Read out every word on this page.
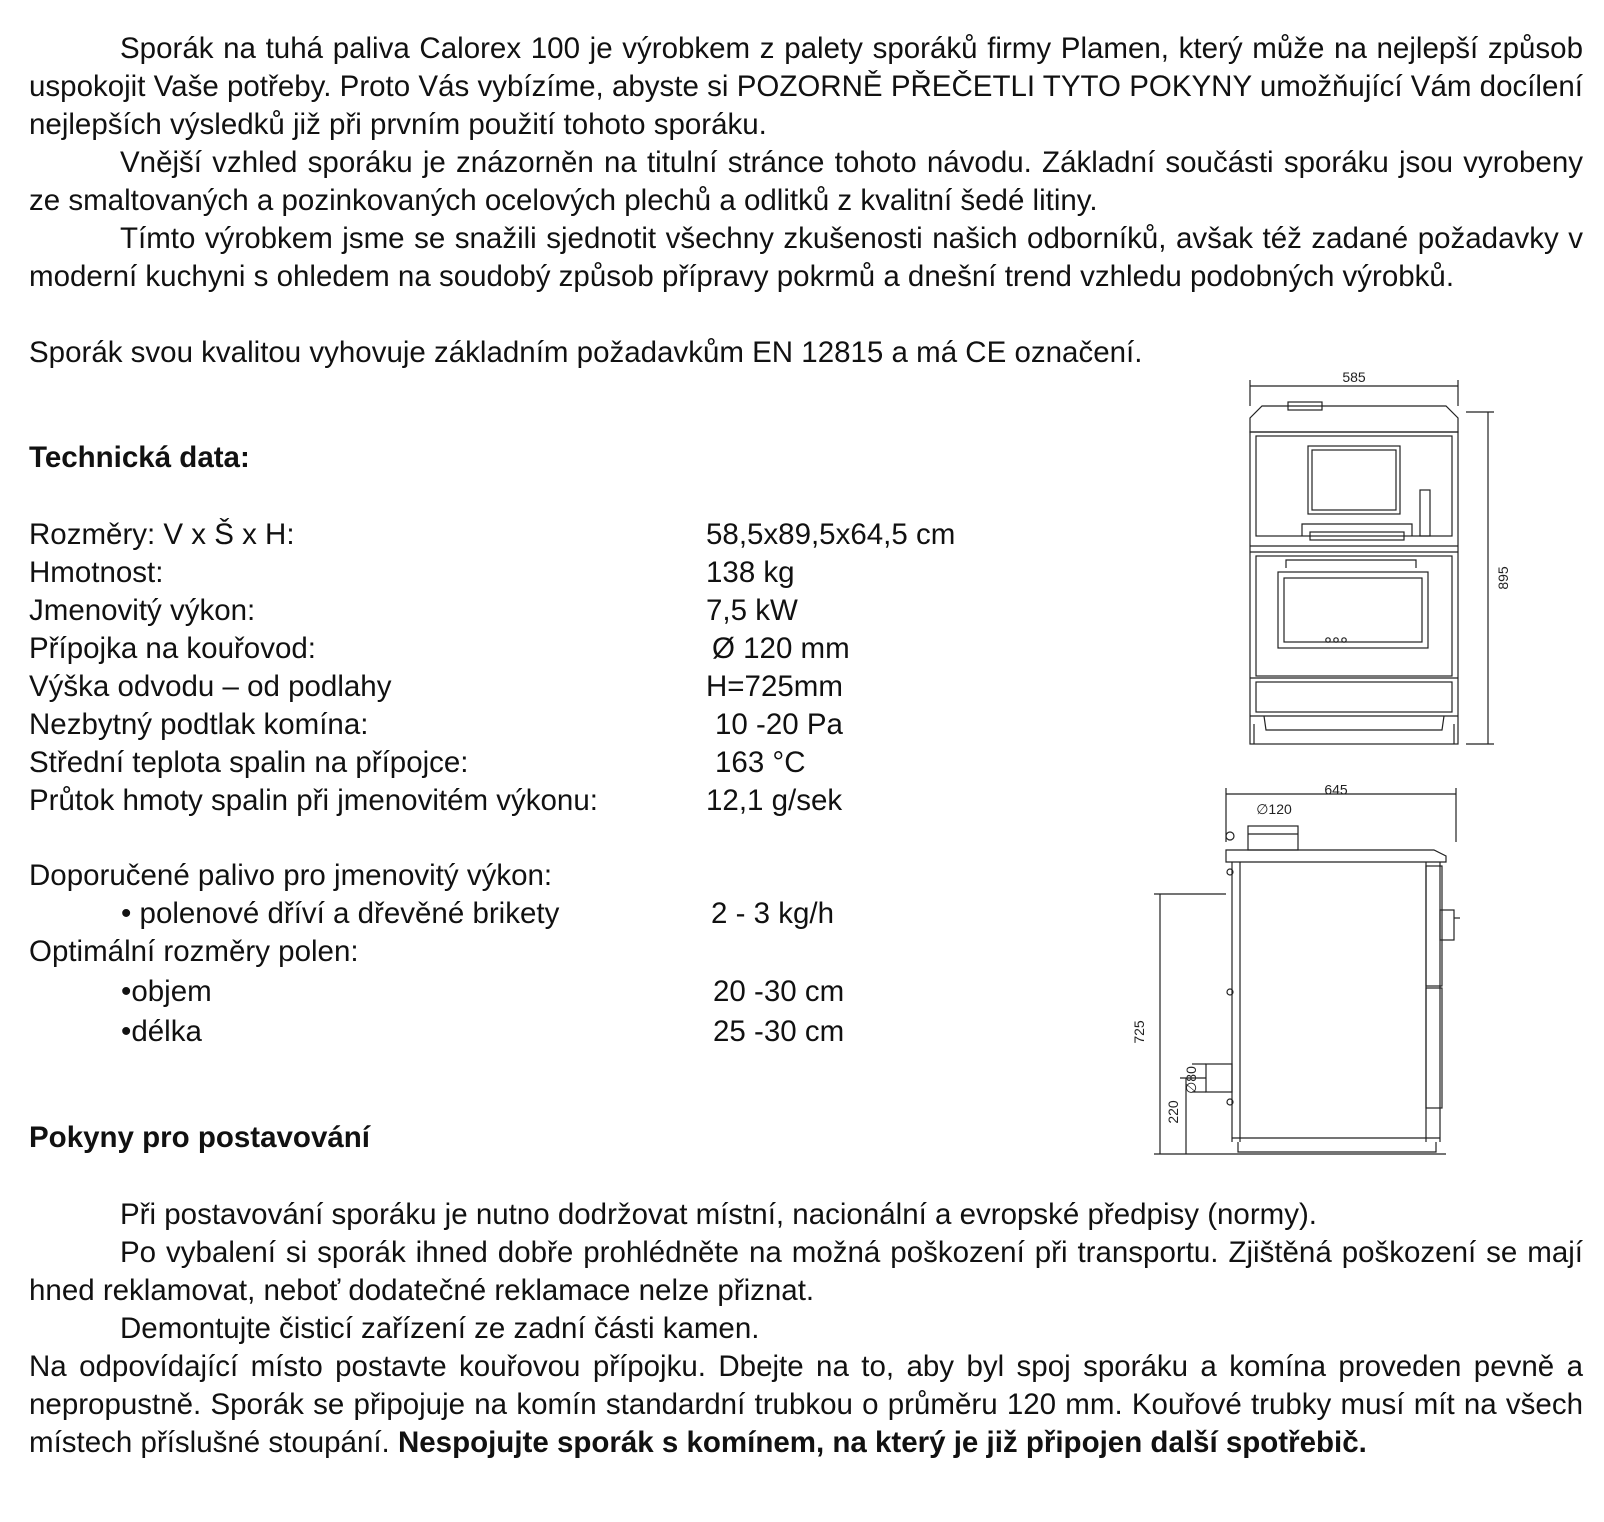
Sporák na tuhá paliva Calorex 100 je výrobkem z palety sporáků firmy Plamen, který může na nejlepší způsob uspokojit Vaše potřeby. Proto Vás vybízíme, abyste si POZORNĚ PŘEČETLI TYTO POKYNY umožňující Vám docílení nejlepších výsledků již při prvním použití tohoto sporáku.

Vnější vzhled sporáku je znázorněn na titulní stránce tohoto návodu. Základní součásti sporáku jsou vyrobeny ze smaltovaných a pozinkovaných ocelových plechů a odlitků z kvalitní šedé litiny.

Tímto výrobkem jsme se snažili sjednotit všechny zkušenosti našich odborníků, avšak též zadané požadavky v moderní kuchyni s ohledem na soudobý způsob přípravy pokrmů a dnešní trend vzhledu podobných výrobků.

Sporák svou kvalitou vyhovuje základním požadavkům EN 12815 a má CE označení.

Technická data:
Rozměry: V x Š x H:	58,5x89,5x64,5 cm
Hmotnost:	138 kg
Jmenovitý výkon:	7,5 kW
Přípojka na kouřovod:	Ø 120 mm
Výška odvodu – od podlahy	H=725mm
Nezbytný podtlak komína:	10 -20 Pa
Střední teplota spalin na přípojce:	163 °C
Průtok hmoty spalin při jmenovitém výkonu:	12,1 g/sek
Doporučené palivo pro jmenovitý výkon:
• polenové dříví a dřevěné brikety	2 - 3 kg/h
Optimální rozměry polen:
•objem	20 -30 cm
•délka	25 -30 cm
585
895
645
∅120
725
∅80
220
Pokyny pro postavování

Při postavování sporáku je nutno dodržovat místní, nacionální a evropské předpisy (normy).

Po vybalení si sporák ihned dobře prohlédněte na možná poškození při transportu. Zjištěná poškození se mají hned reklamovat, neboť dodatečné reklamace nelze přiznat.

Demontujte čisticí zařízení ze zadní části kamen.

Na odpovídající místo postavte kouřovou přípojku. Dbejte na to, aby byl spoj sporáku a komína proveden pevně a nepropustně. Sporák se připojuje na komín standardní trubkou o průměru 120 mm. Kouřové trubky musí mít na všech místech příslušné stoupání. Nespojujte sporák s komínem, na který je již připojen další spotřebič.
